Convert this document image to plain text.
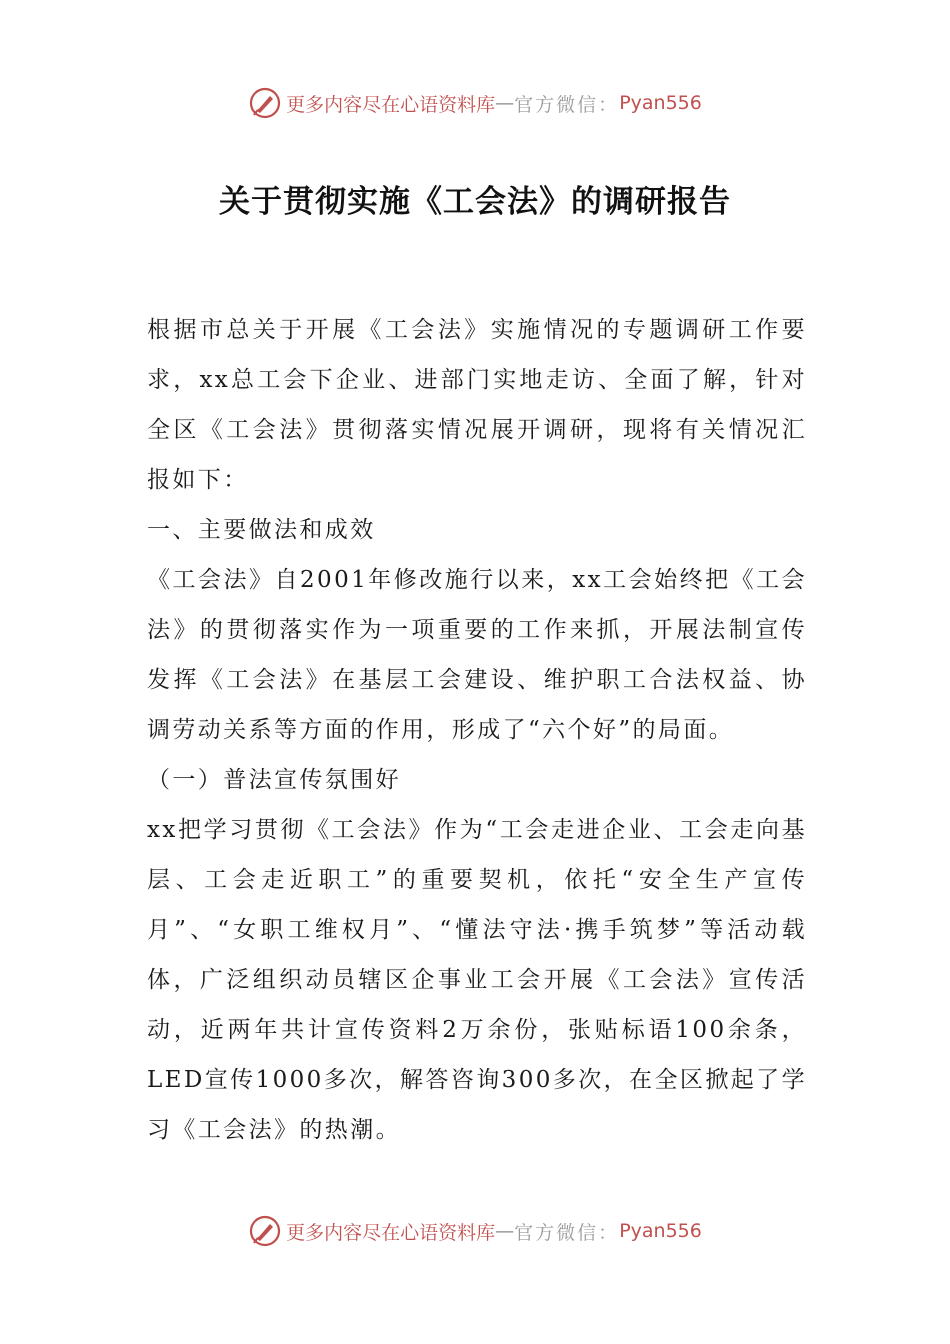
更多内容尽在心语资料库 — 官方微信： Pyan556
关于贯彻实施《工会法》的调研报告

根据市总关于开展《工会法》实施情况的专题调研工作要求，xx总工会下企业、进部门实地走访、全面了解，针对全区《工会法》贯彻落实情况展开调研，现将有关情况汇报如下：

一、主要做法和成效

《工会法》自2001年修改施行以来，xx工会始终把《工会法》的贯彻落实作为一项重要的工作来抓，开展法制宣传发挥《工会法》在基层工会建设、维护职工合法权益、协调劳动关系等方面的作用，形成了“六个好”的局面。

（一）普法宣传氛围好

xx把学习贯彻《工会法》作为“工会走进企业、工会走向基层、工会走近职工”的重要契机，依托“安全生产宣传月”、“女职工维权月”、“懂法守法·携手筑梦”等活动载体，广泛组织动员辖区企事业工会开展《工会法》宣传活动，近两年共计宣传资料2万余份，张贴标语100余条，LED宣传1000多次，解答咨询300多次，在全区掀起了学习《工会法》的热潮。

更多内容尽在心语资料库 — 官方微信： Pyan556
